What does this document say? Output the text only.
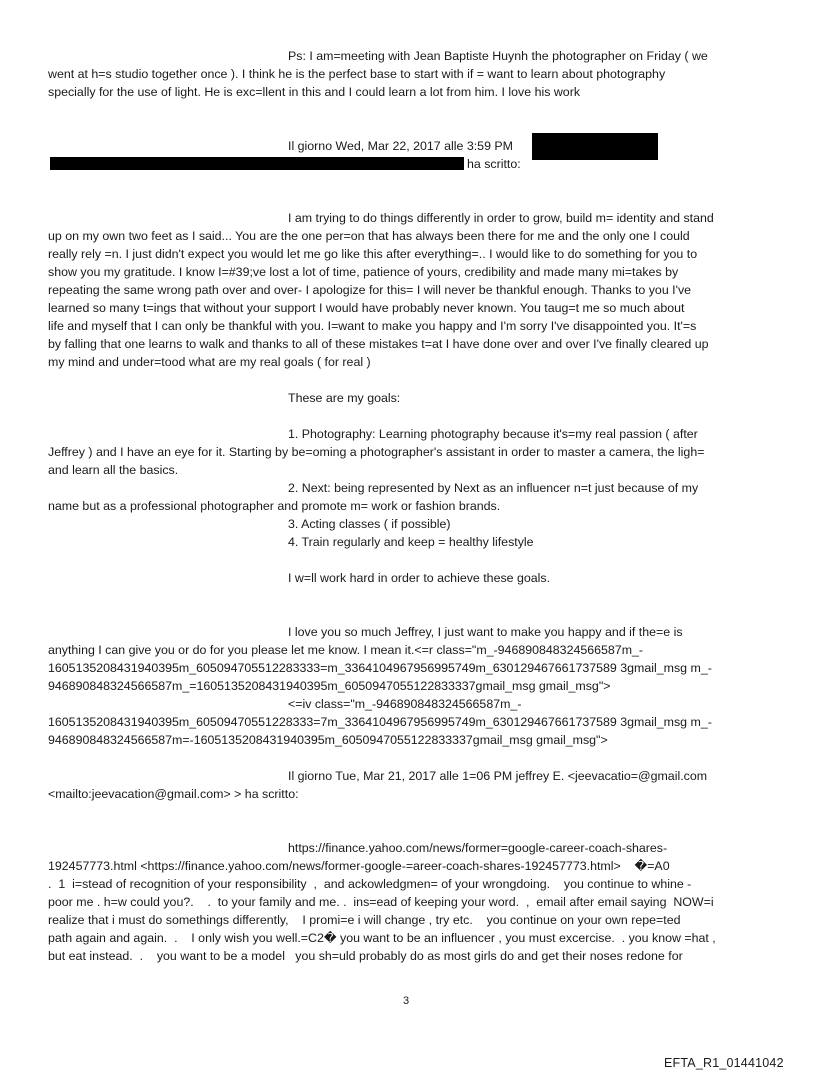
Ps: I am=meeting with Jean Baptiste Huynh the photographer on Friday ( we
went at h=s studio together once ). I think he is the perfect base to start with if = want to learn about photography
specially for the use of light. He is exc=llent in this and I could learn a lot from him. I love his work
Il giorno Wed, Mar 22, 2017 alle 3:59 PM
ha scritto:
I am trying to do things differently in order to grow, build m= identity and stand
up on my own two feet as I said... You are the one per=on that has always been there for me and the only one I could
really rely =n. I just didn't expect you would let me go like this after everything=.. I would like to do something for you to
show you my gratitude. I know I=#39;ve lost a lot of time, patience of yours, credibility and made many mi=takes by
repeating the same wrong path over and over- I apologize for this= I will never be thankful enough. Thanks to you I've
learned so many t=ings that without your support I would have probably never known. You taug=t me so much about
life and myself that I can only be thankful with you. I=want to make you happy and I'm sorry I've disappointed you. It'=s
by falling that one learns to walk and thanks to all of these mistakes t=at I have done over and over I've finally cleared up
my mind and under=tood what are my real goals ( for real )
These are my goals:
1. Photography: Learning photography because it's=my real passion ( after
Jeffrey ) and I have an eye for it. Starting by be=oming a photographer's assistant in order to master a camera, the ligh=
and learn all the basics.
2. Next: being represented by Next as an influencer n=t just because of my
name but as a professional photographer and promote m= work or fashion brands.
3. Acting classes ( if possible)
4. Train regularly and keep = healthy lifestyle
I w=ll work hard in order to achieve these goals.
I love you so much Jeffrey, I just want to make you happy and if the=e is
anything I can give you or do for you please let me know. I mean it.<=r class="m_-946890848324566587m_-
1605135208431940395m_605094705512283333=m_3364104967956995749m_630129467661737589 3gmail_msg m_-
946890848324566587m_=1605135208431940395m_6050947055122833337gmail_msg gmail_msg">
<=iv class="m_-946890848324566587m_-
1605135208431940395m_60509470551228333=7m_3364104967956995749m_630129467661737589 3gmail_msg m_-
946890848324566587m=-1605135208431940395m_6050947055122833337gmail_msg gmail_msg">
Il giorno Tue, Mar 21, 2017 alle 1=06 PM jeffrey E. <jeevacatio=@gmail.com
<mailto:jeevacation@gmail.com> > ha scritto:
https://finance.yahoo.com/news/former=google-career-coach-shares-
192457773.html <https://finance.yahoo.com/news/former-google-=areer-coach-shares-192457773.html>    �=A0
.  1  i=stead of recognition of your responsibility  ,  and ackowledgmen= of your wrongdoing.    you continue to whine -
poor me . h=w could you?.    .  to your family and me. .  ins=ead of keeping your word.  ,  email after email saying  NOW=i
realize that i must do somethings differently,    I promi=e i will change , try etc.    you continue on your own repe=ted
path again and again.  .    I only wish you well.=C2� you want to be an influencer , you must excercise.  . you know =hat ,
but eat instead.  .    you want to be a model   you sh=uld probably do as most girls do and get their noses redone for
3
EFTA_R1_01441042
